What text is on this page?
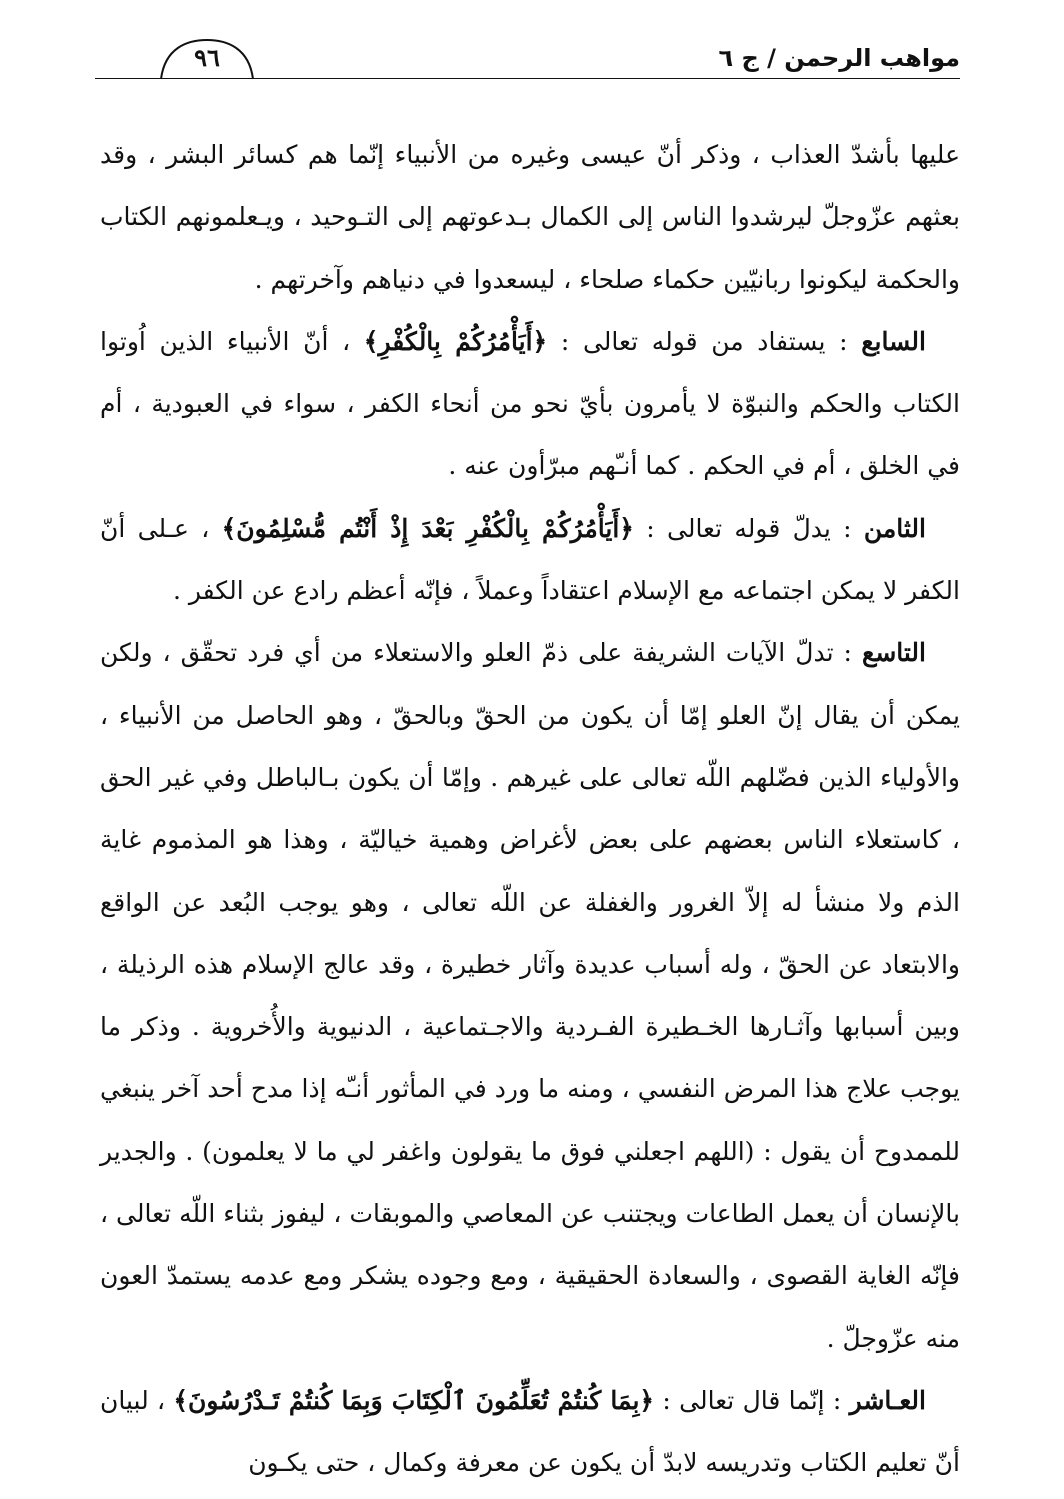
مواهب الرحمن / ج ٦
٩٦

عليها بأشدّ العذاب ، وذكر أنّ عيسى وغيره من الأنبياء إنّما هم كسائر البشر ، وقد بعثهم عزّوجلّ ليرشدوا الناس إلى الكمال بـدعوتهم إلى التـوحيد ، ويـعلمونهم الكتاب والحكمة ليكونوا ربانيّين حكماء صلحاء ، ليسعدوا في دنياهم وآخرتهم .

السابع : يستفاد من قوله تعالى : ﴿أَيَأْمُرُكُمْ بِالْكُفْرِ﴾ ، أنّ الأنبياء الذين اُوتوا الكتاب والحكم والنبوّة لا يأمرون بأيّ نحو من أنحاء الكفر ، سواء في العبودية ، أم في الخلق ، أم في الحكم . كما أنـّهم مبرّأون عنه .

الثامن : يدلّ قوله تعالى : ﴿أَيَأْمُرُكُمْ بِالْكُفْرِ بَعْدَ إِذْ أَنْتُم مُّسْلِمُونَ﴾ ، عـلى أنّ الكفر لا يمكن اجتماعه مع الإسلام اعتقاداً وعملاً ، فإنّه أعظم رادع عن الكفر .

التاسع : تدلّ الآيات الشريفة على ذمّ العلو والاستعلاء من أي فرد تحقّق ، ولكن يمكن أن يقال إنّ العلو إمّا أن يكون من الحقّ وبالحقّ ، وهو الحاصل من الأنبياء ، والأولياء الذين فضّلهم اللّه تعالى على غيرهم . وإمّا أن يكون بـالباطل وفي غير الحق ، كاستعلاء الناس بعضهم على بعض لأغراض وهمية خياليّة ، وهذا هو المذموم غاية الذم ولا منشأ له إلاّ الغرور والغفلة عن اللّه تعالى ، وهو يوجب البُعد عن الواقع والابتعاد عن الحقّ ، وله أسباب عديدة وآثار خطيرة ، وقد عالج الإسلام هذه الرذيلة ، وبين أسبابها وآثـارها الخـطيرة الفـردية والاجـتماعية ، الدنيوية والأُخروية . وذكر ما يوجب علاج هذا المرض النفسي ، ومنه ما ورد في المأثور أنـّه إذا مدح أحد آخر ينبغي للممدوح أن يقول : (اللهم اجعلني فوق ما يقولون واغفر لي ما لا يعلمون) . والجدير بالإنسان أن يعمل الطاعات ويجتنب عن المعاصي والموبقات ، ليفوز بثناء اللّه تعالى ، فإنّه الغاية القصوى ، والسعادة الحقيقية ، ومع وجوده يشكر ومع عدمه يستمدّ العون منه عزّوجلّ .

العـاشر : إنّما قال تعالى : ﴿بِمَا كُنتُمْ تُعَلِّمُونَ ٱلْكِتَابَ وَبِمَا كُنتُمْ تَـدْرُسُونَ﴾ ، لبيان أنّ تعليم الكتاب وتدريسه لابدّ أن يكون عن معرفة وكمال ، حتى يكـون
